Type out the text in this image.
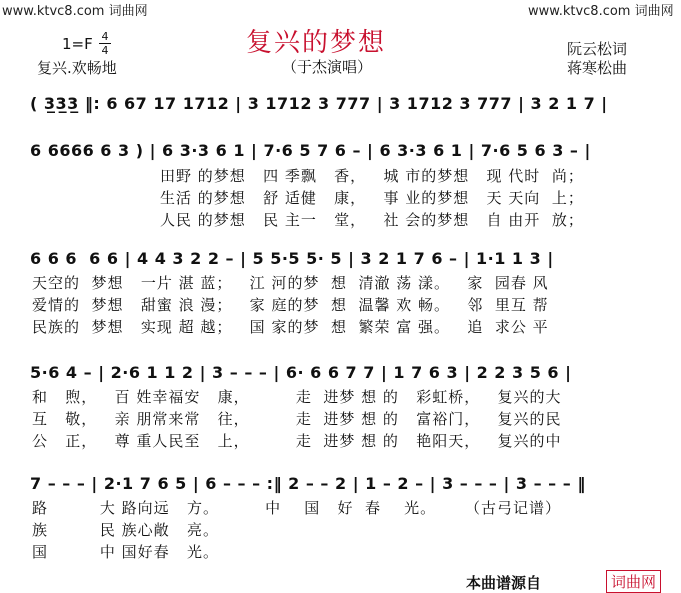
www.ktvc8.com 词曲网	www.ktvc8.com 词曲网
复兴的梦想
1=F 4
4
复兴.欢畅地	（于杰演唱）
阮云松词
蒋寒松曲
( 3̲3̲3̲ ‖: 6 67 17 1712 | 3 1712 3 777 | 3 1712 3 777 | 3 2 1 7 |
6 6666 6 3 ) | 6 3·3 6 1 | 7·6 5 7 6 – | 6 3·3 6 1 | 7·6 5 6 3 – |
田野 的梦想   四 季飘   香，   城 市的梦想   现 代时  尚；
生活 的梦想   舒 适健   康，   事 业的梦想   天 天向  上；
人民 的梦想   民 主一   堂，   社 会的梦想   自 由开  放；
6 6 6  6 6 | 4 4 3 2 2 – | 5 5·5 5· 5 | 3 2 1 7 6 – | 1·1 1 3 |
天空的  梦想   一片 湛 蓝；   江 河的梦  想  清澈 荡 漾。   家  园春 风
爱情的  梦想   甜蜜 浪 漫；   家 庭的梦  想  温馨 欢 畅。   邻  里互 帮
民族的  梦想   实现 超 越；   国 家的梦  想  繁荣 富 强。   追  求公 平
5·6 4 – | 2·6 1 1 2 | 3 – – – | 6· 6 6 7 7 | 1 7 6 3 | 2 2 3 5 6 |
和   煦，   百 姓幸福安   康，        走  进梦 想 的   彩虹桥，   复兴的大
互   敬，   亲 朋常来常   往，        走  进梦 想 的   富裕门，   复兴的民
公   正，   尊 重人民至   上，        走  进梦 想 的   艳阳天，   复兴的中
7 – – – | 2·1 7 6 5 | 6 – – – :‖ 2 – – 2 | 1 – 2 – | 3 – – – | 3 – – – ‖
路         大 路向远   方。        中    国   好  春    光。     （古弓记谱）
族         民 族心敞   亮。
国         中 国好春   光。
本曲谱源自	词曲网
